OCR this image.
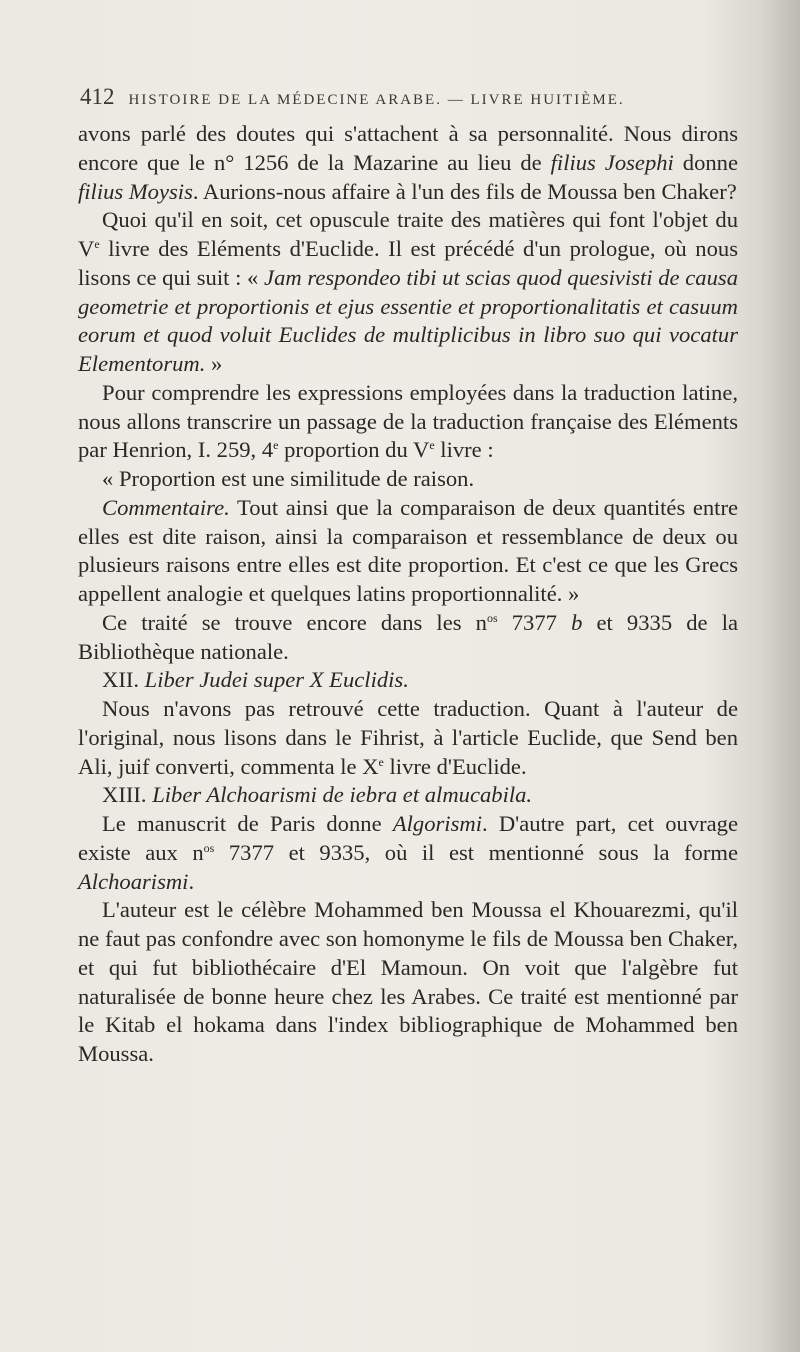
412 HISTOIRE DE LA MÉDECINE ARABE. — LIVRE HUITIÈME.

avons parlé des doutes qui s'attachent à sa personnalité. Nous dirons encore que le n° 1256 de la Mazarine au lieu de filius Josephi donne filius Moysis. Aurions-nous affaire à l'un des fils de Moussa ben Chaker?

Quoi qu'il en soit, cet opuscule traite des matières qui font l'objet du Ve livre des Eléments d'Euclide. Il est précédé d'un prologue, où nous lisons ce qui suit : « Jam respondeo tibi ut scias quod quesivisti de causa geometrie et proportionis et ejus essentie et proportionalitatis et casuum eorum et quod voluit Euclides de multiplicibus in libro suo qui vocatur Elementorum. »

Pour comprendre les expressions employées dans la traduction latine, nous allons transcrire un passage de la traduction française des Eléments par Henrion, I. 259, 4e proportion du Ve livre :

« Proportion est une similitude de raison.

Commentaire. Tout ainsi que la comparaison de deux quantités entre elles est dite raison, ainsi la comparaison et ressemblance de deux ou plusieurs raisons entre elles est dite proportion. Et c'est ce que les Grecs appellent analogie et quelques latins proportionnalité. »

Ce traité se trouve encore dans les $n^{os}$ 7377 b et 9335 de la Bibliothèque nationale.

XII. Liber Judei super X Euclidis.

Nous n'avons pas retrouvé cette traduction. Quant à l'auteur de l'original, nous lisons dans le Fihrist, à l'article Euclide, que Send ben Ali, juif converti, commenta le Xe livre d'Euclide.

XIII. Liber Alchoarismi de iebra et almucabila.

Le manuscrit de Paris donne Algorismi. D'autre part, cet ouvrage existe aux $n^{os}$ 7377 et 9335, où il est mentionné sous la forme Alchoarismi.

L'auteur est le célèbre Mohammed ben Moussa el Khouarezmi, qu'il ne faut pas confondre avec son homonyme le fils de Moussa ben Chaker, et qui fut bibliothécaire d'El Mamoun. On voit que l'algèbre fut naturalisée de bonne heure chez les Arabes. Ce traité est mentionné par le Kitab el hokama dans l'index bibliographique de Mohammed ben Moussa.
